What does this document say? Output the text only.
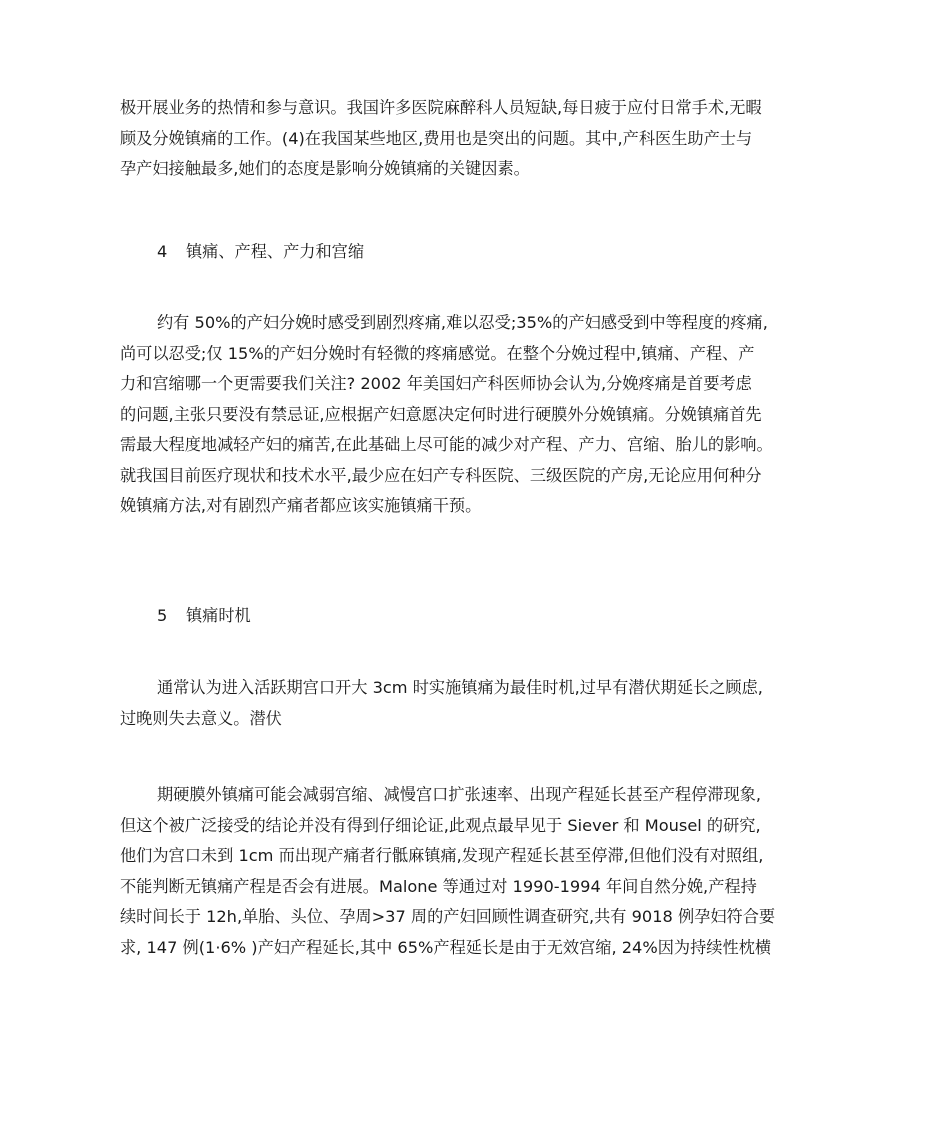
极开展业务的热情和参与意识。我国许多医院麻醉科人员短缺,每日疲于应付日常手术,无暇
顾及分娩镇痛的工作。(4)在我国某些地区,费用也是突出的问题。其中,产科医生助产士与
孕产妇接触最多,她们的态度是影响分娩镇痛的关键因素。

4 镇痛、产程、产力和宫缩

约有 50%的产妇分娩时感受到剧烈疼痛,难以忍受;35%的产妇感受到中等程度的疼痛,
尚可以忍受;仅 15%的产妇分娩时有轻微的疼痛感觉。在整个分娩过程中,镇痛、产程、产
力和宫缩哪一个更需要我们关注? 2002 年美国妇产科医师协会认为,分娩疼痛是首要考虑
的问题,主张只要没有禁忌证,应根据产妇意愿决定何时进行硬膜外分娩镇痛。分娩镇痛首先
需最大程度地减轻产妇的痛苦,在此基础上尽可能的减少对产程、产力、宫缩、胎儿的影响。
就我国目前医疗现状和技术水平,最少应在妇产专科医院、三级医院的产房,无论应用何种分
娩镇痛方法,对有剧烈产痛者都应该实施镇痛干预。

5 镇痛时机

通常认为进入活跃期宫口开大 3cm 时实施镇痛为最佳时机,过早有潜伏期延长之顾虑,
过晚则失去意义。潜伏

期硬膜外镇痛可能会减弱宫缩、减慢宫口扩张速率、出现产程延长甚至产程停滞现象,
但这个被广泛接受的结论并没有得到仔细论证,此观点最早见于 Siever 和 Mousel 的研究,
他们为宫口未到 1cm 而出现产痛者行骶麻镇痛,发现产程延长甚至停滞,但他们没有对照组,
不能判断无镇痛产程是否会有进展。Malone 等通过对 1990-1994 年间自然分娩,产程持
续时间长于 12h,单胎、头位、孕周>37 周的产妇回顾性调查研究,共有 9018 例孕妇符合要
求, 147 例(1·6% )产妇产程延长,其中 65%产程延长是由于无效宫缩, 24%因为持续性枕横
